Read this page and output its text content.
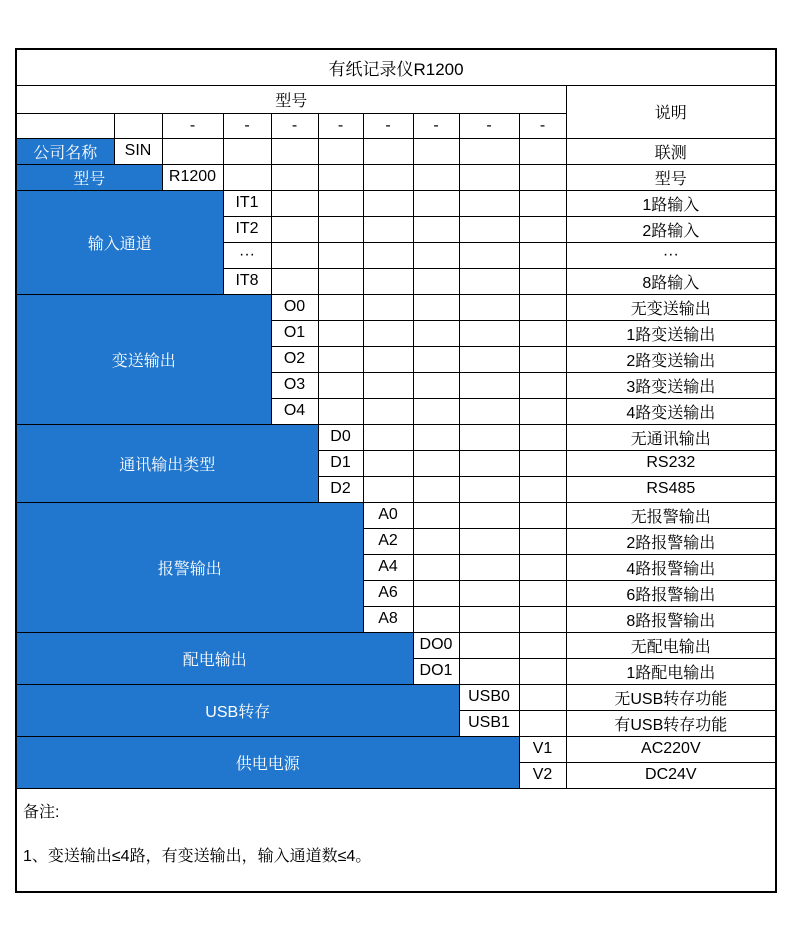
有纸记录仪R1200										
型号										说明
		-	-	-	-	-	-	-	-	
公司名称	SIN									联测
型号		R1200								型号
输入通道			IT1							1路输入
			IT2							2路输入
			···							···
			IT8							8路输入
变送输出				O0						无变送输出
				O1						1路变送输出
				O2						2路变送输出
				O3						3路变送输出
				O4						4路变送输出
通讯输出类型					D0					无通讯输出
					D1					RS232
					D2					RS485
报警输出						A0				无报警输出
						A2				2路报警输出
						A4				4路报警输出
						A6				6路报警输出
						A8				8路报警输出
配电输出							DO0			无配电输出
							DO1			1路配电输出
USB转存								USB0		无USB转存功能
								USB1		有USB转存功能
供电电源									V1	AC220V
									V2	DC24V

备注:
1、变送输出≤4路，有变送输出，输入通道数≤4。										
